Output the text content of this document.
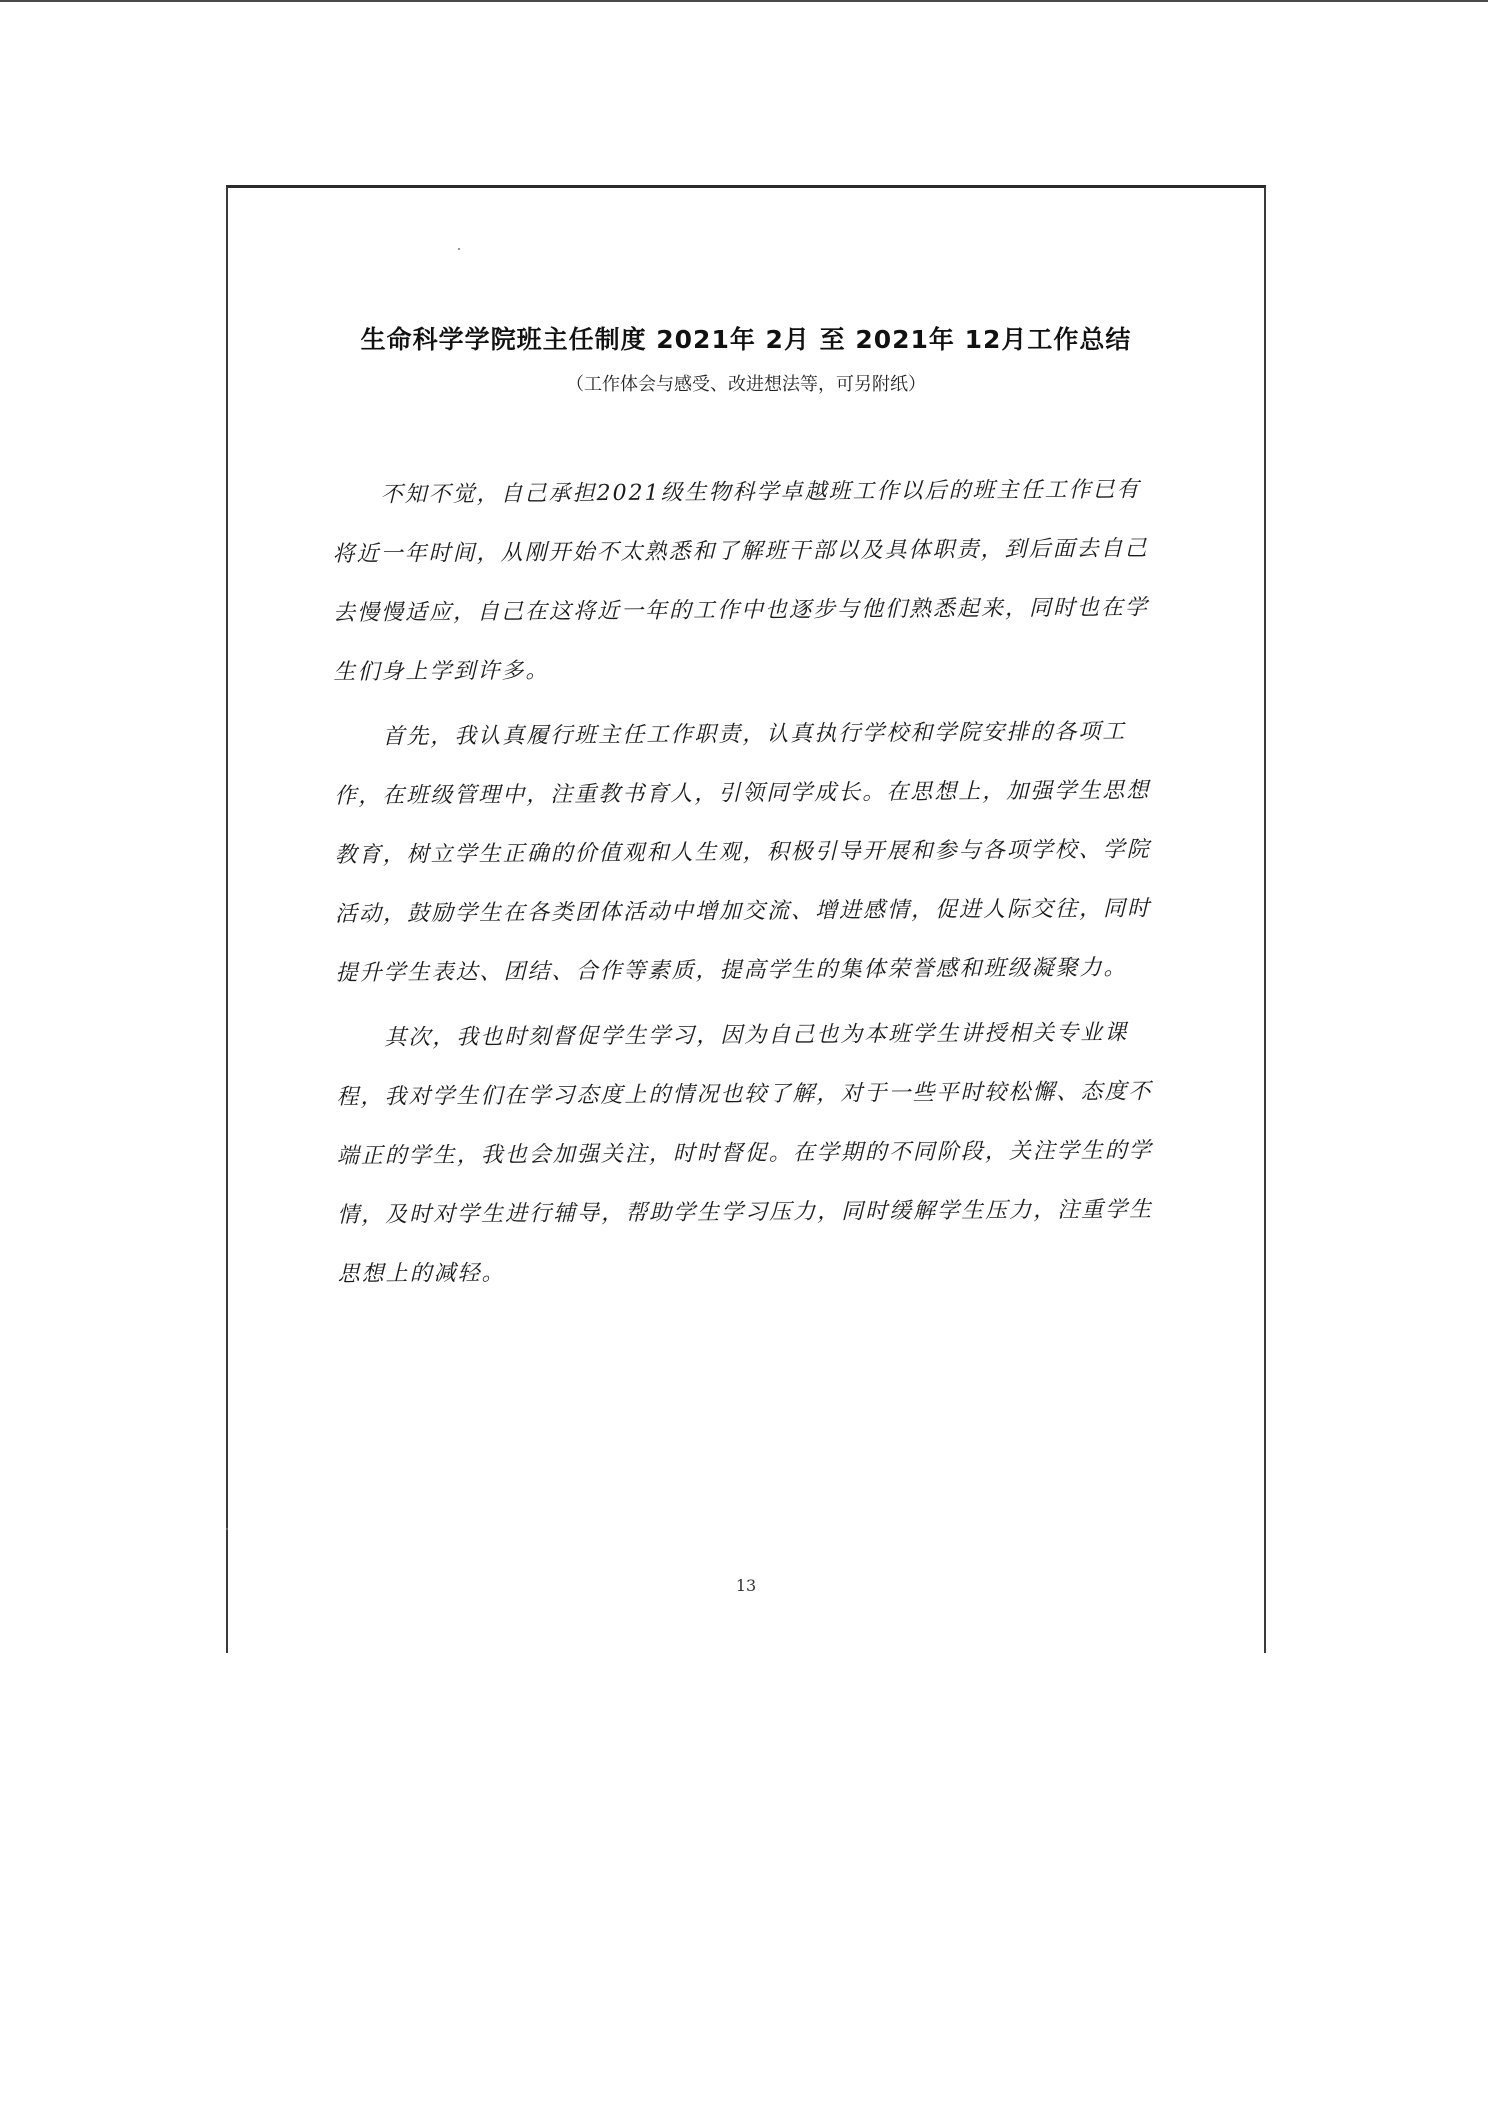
生命科学学院班主任制度 2021年 2月 至 2021年 12月工作总结
（工作体会与感受、改进想法等，可另附纸）

不知不觉，自己承担2021级生物科学卓越班工作以后的班主任工作已有将近一年时间，从刚开始不太熟悉和了解班干部以及具体职责，到后面去自己去慢慢适应，自己在这将近一年的工作中也逐步与他们熟悉起来，同时也在学生们身上学到许多。

首先，我认真履行班主任工作职责，认真执行学校和学院安排的各项工作，在班级管理中，注重教书育人，引领同学成长。在思想上，加强学生思想教育，树立学生正确的价值观和人生观，积极引导开展和参与各项学校、学院活动，鼓励学生在各类团体活动中增加交流、增进感情，促进人际交往，同时提升学生表达、团结、合作等素质，提高学生的集体荣誉感和班级凝聚力。

其次，我也时刻督促学生学习，因为自己也为本班学生讲授相关专业课程，我对学生们在学习态度上的情况也较了解，对于一些平时较松懈、态度不端正的学生，我也会加强关注，时时督促。在学期的不同阶段，关注学生的学情，及时对学生进行辅导，帮助学生学习压力，同时缓解学生压力，注重学生思想上的减轻。

13
